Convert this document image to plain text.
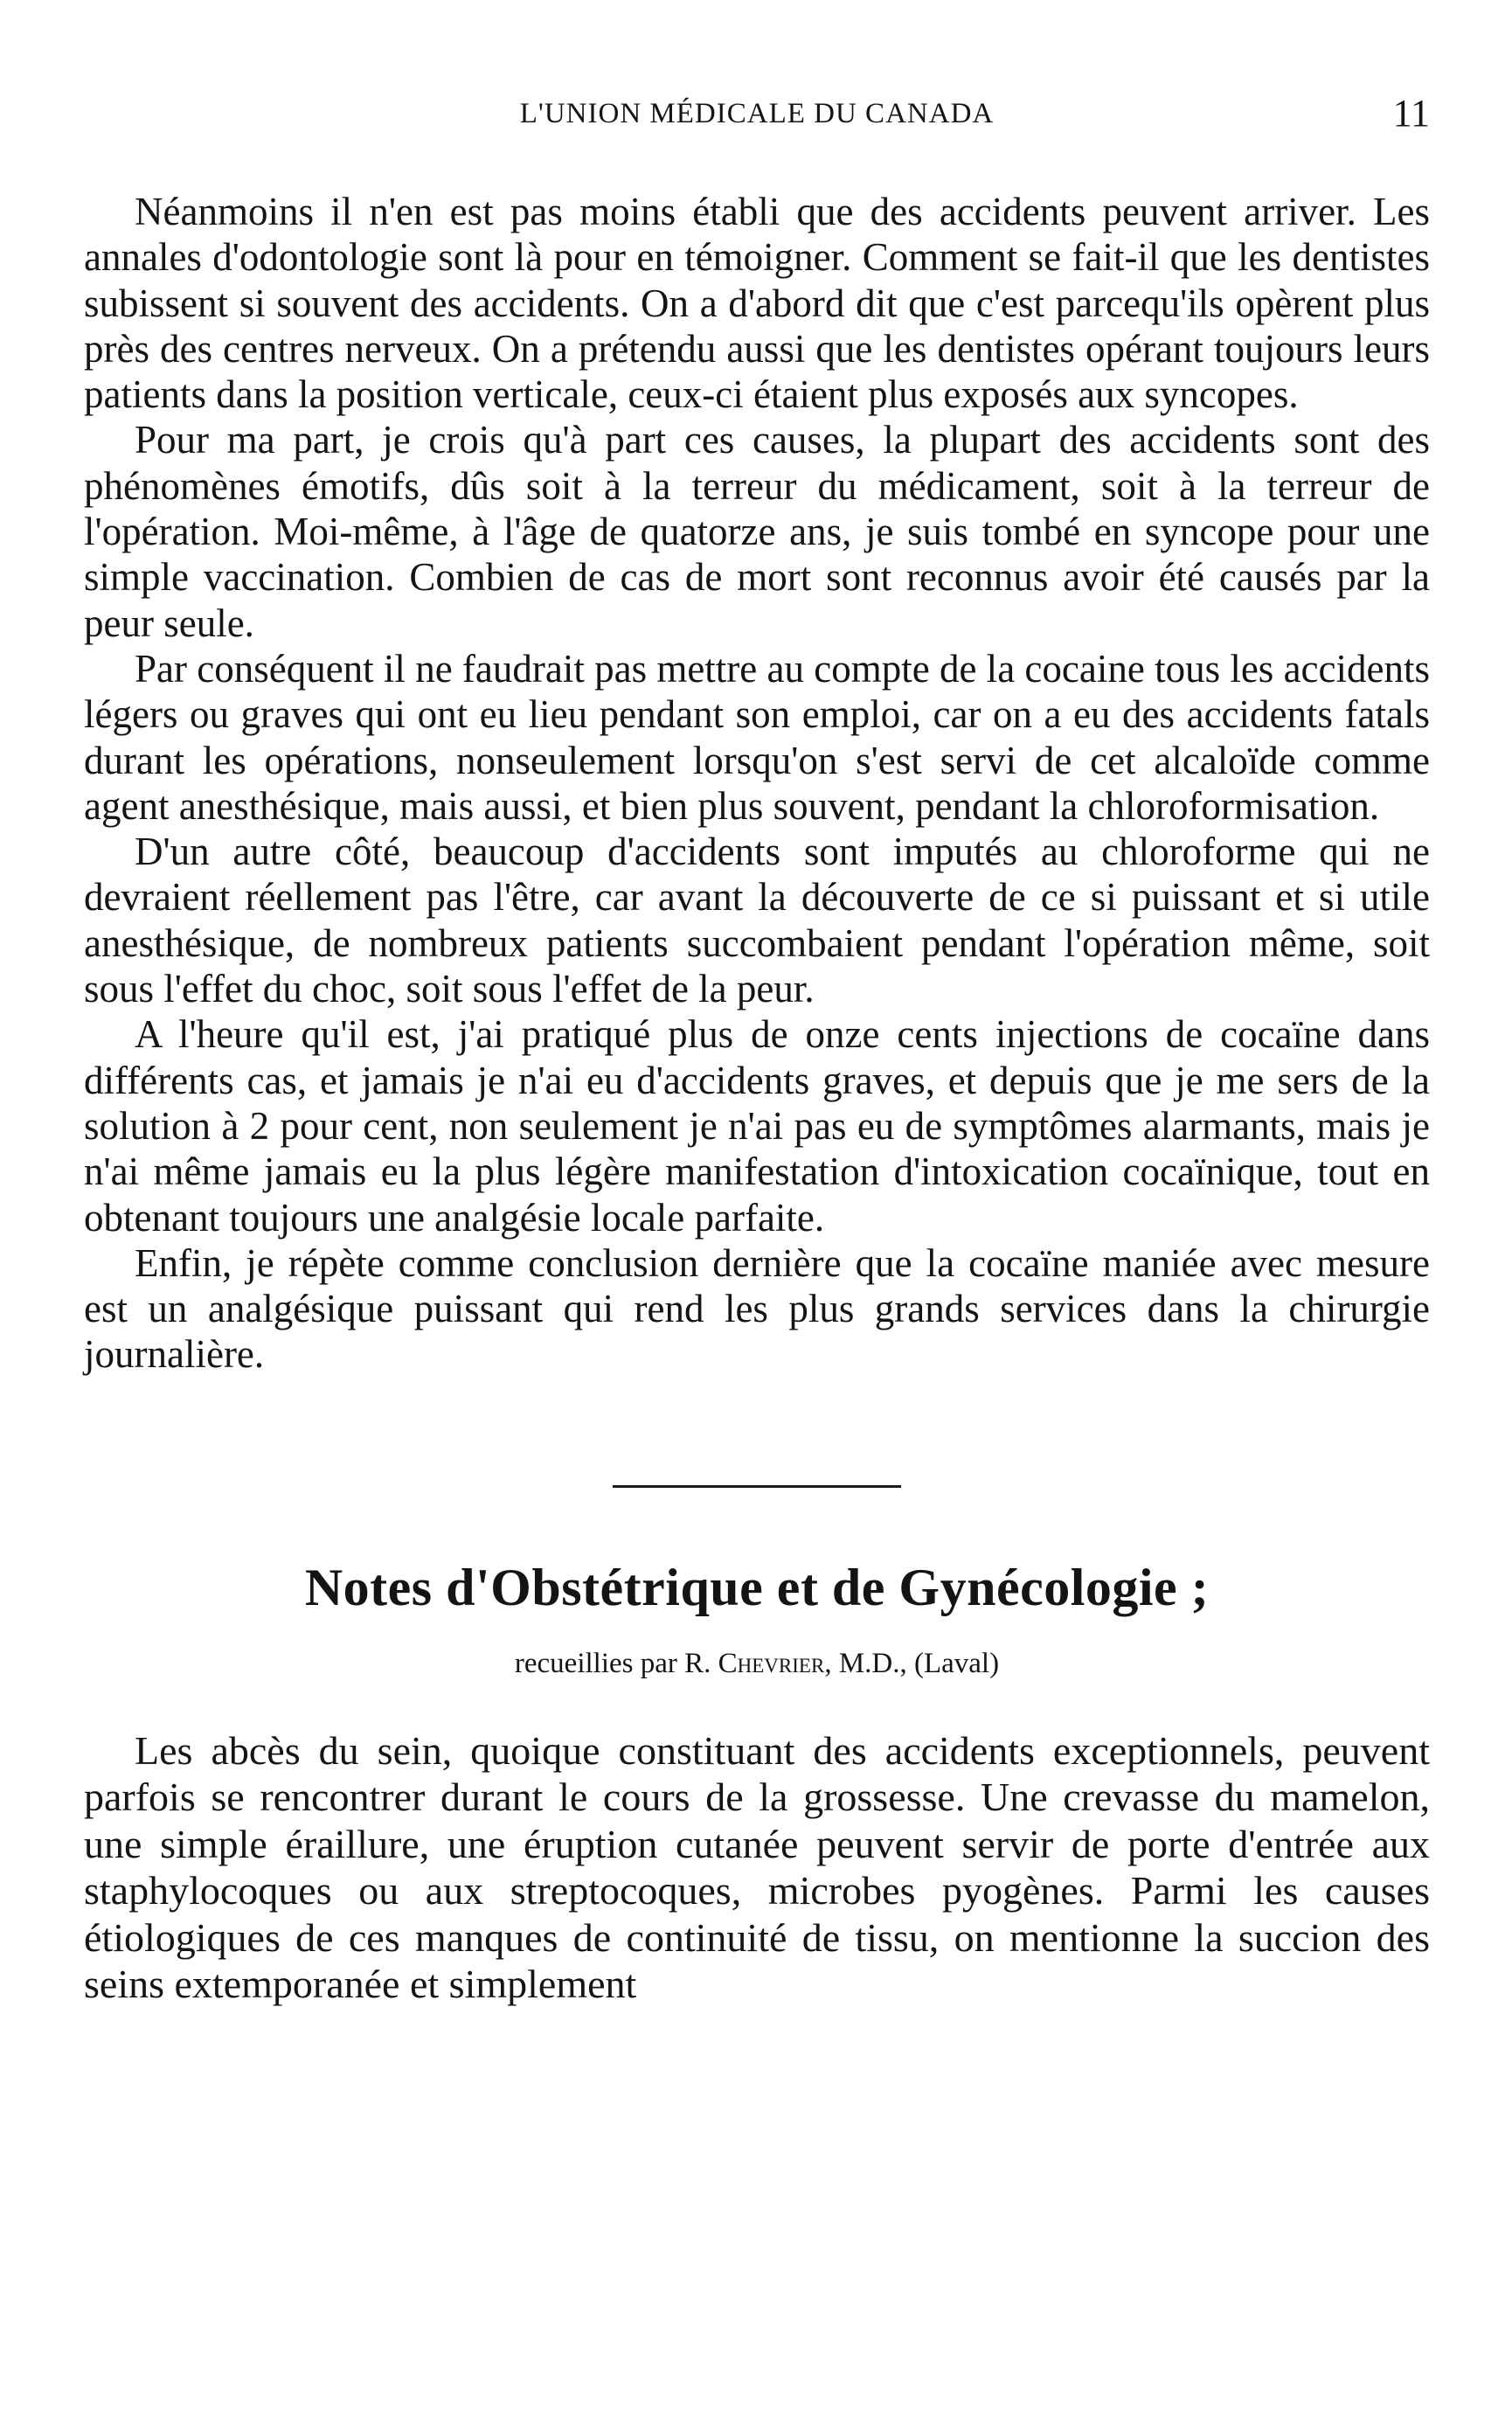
L'UNION MÉDICALE DU CANADA	11

Néanmoins il n'en est pas moins établi que des accidents peuvent arriver. Les annales d'odontologie sont là pour en témoigner. Comment se fait-il que les dentistes subissent si souvent des accidents. On a d'abord dit que c'est parcequ'ils opèrent plus près des centres nerveux. On a prétendu aussi que les dentistes opérant toujours leurs patients dans la position verticale, ceux-ci étaient plus exposés aux syncopes.

Pour ma part, je crois qu'à part ces causes, la plupart des accidents sont des phénomènes émotifs, dûs soit à la terreur du médicament, soit à la terreur de l'opération. Moi-même, à l'âge de quatorze ans, je suis tombé en syncope pour une simple vaccination. Combien de cas de mort sont reconnus avoir été causés par la peur seule.

Par conséquent il ne faudrait pas mettre au compte de la cocaine tous les accidents légers ou graves qui ont eu lieu pendant son emploi, car on a eu des accidents fatals durant les opérations, nonseulement lorsqu'on s'est servi de cet alcaloïde comme agent anesthésique, mais aussi, et bien plus souvent, pendant la chloroformisation.

D'un autre côté, beaucoup d'accidents sont imputés au chloroforme qui ne devraient réellement pas l'être, car avant la découverte de ce si puissant et si utile anesthésique, de nombreux patients succombaient pendant l'opération même, soit sous l'effet du choc, soit sous l'effet de la peur.

A l'heure qu'il est, j'ai pratiqué plus de onze cents injections de cocaïne dans différents cas, et jamais je n'ai eu d'accidents graves, et depuis que je me sers de la solution à 2 pour cent, non seulement je n'ai pas eu de symptômes alarmants, mais je n'ai même jamais eu la plus légère manifestation d'intoxication cocaïnique, tout en obtenant toujours une analgésie locale parfaite.

Enfin, je répète comme conclusion dernière que la cocaïne maniée avec mesure est un analgésique puissant qui rend les plus grands services dans la chirurgie journalière.

Notes d'Obstétrique et de Gynécologie ;
recueillies par R. Chevrier, M.D., (Laval)

Les abcès du sein, quoique constituant des accidents exceptionnels, peuvent parfois se rencontrer durant le cours de la grossesse. Une crevasse du mamelon, une simple éraillure, une éruption cutanée peuvent servir de porte d'entrée aux staphylocoques ou aux streptocoques, microbes pyogènes. Parmi les causes étiologiques de ces manques de continuité de tissu, on mentionne la succion des seins extemporanée et simplement
